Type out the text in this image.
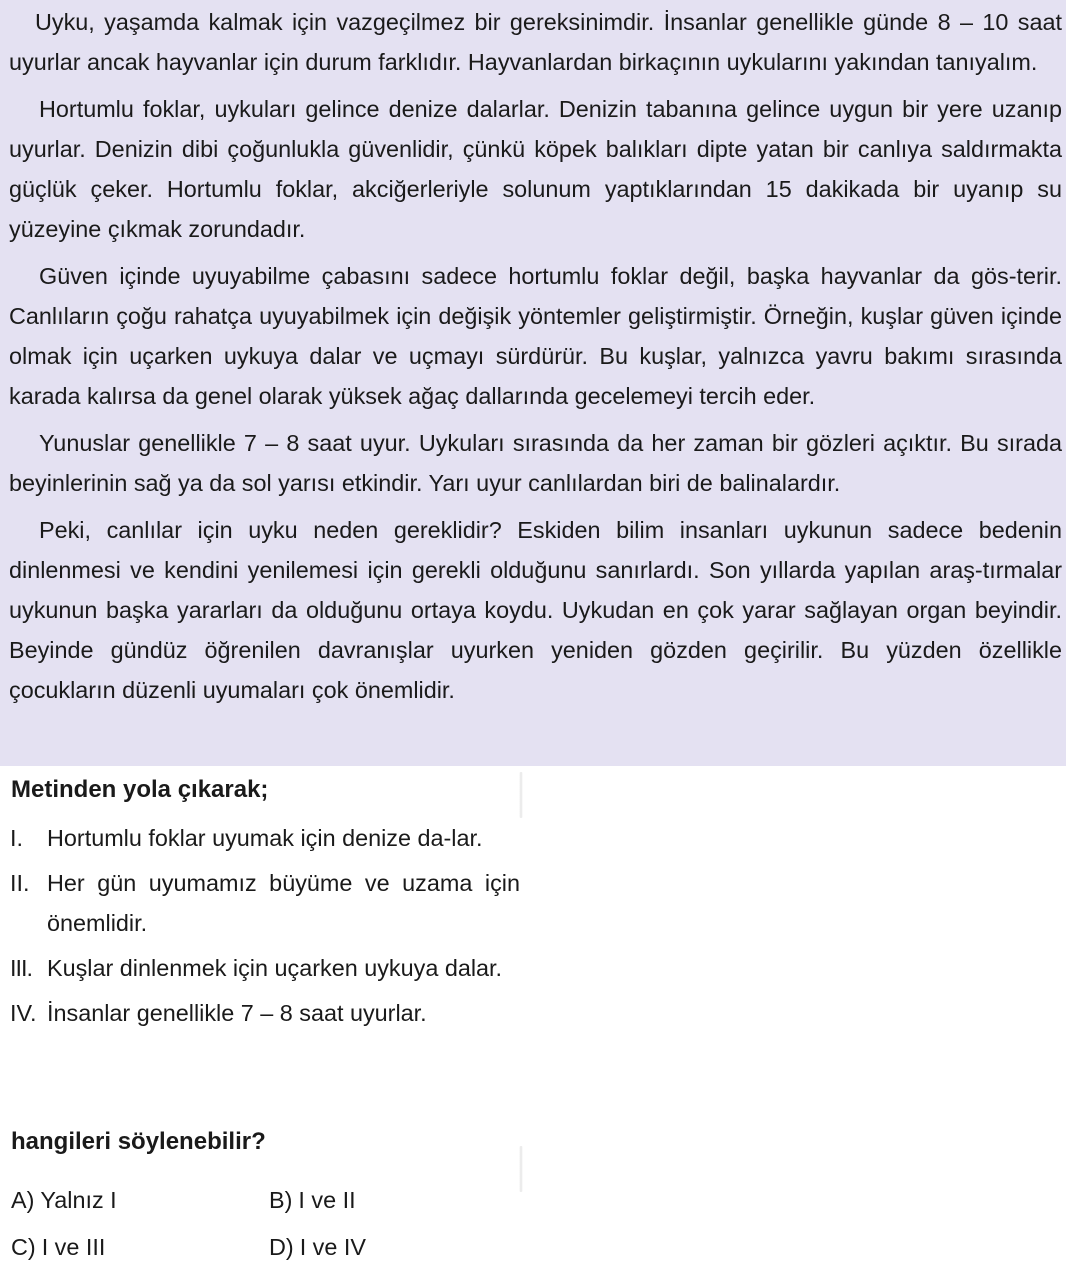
Uyku, yaşamda kalmak için vazgeçilmez bir gereksinimdir. İnsanlar genellikle günde 8 – 10 saat uyurlar ancak hayvanlar için durum farklıdır. Hayvanlardan birkaçının uykularını yakından tanıyalım.

Hortumlu foklar, uykuları gelince denize dalarlar. Denizin tabanına gelince uygun bir yere uzanıp uyurlar. Denizin dibi çoğunlukla güvenlidir, çünkü köpek balıkları dipte yatan bir canlıya saldırmakta güçlük çeker. Hortumlu foklar, akciğerleriyle solunum yaptıklarından 15 dakikada bir uyanıp su yüzeyine çıkmak zorundadır.

Güven içinde uyuyabilme çabasını sadece hortumlu foklar değil, başka hayvanlar da gös-terir. Canlıların çoğu rahatça uyuyabilmek için değişik yöntemler geliştirmiştir. Örneğin, kuşlar güven içinde olmak için uçarken uykuya dalar ve uçmayı sürdürür. Bu kuşlar, yalnızca yavru bakımı sırasında karada kalırsa da genel olarak yüksek ağaç dallarında gecelemeyi tercih eder.

Yunuslar genellikle 7 – 8 saat uyur. Uykuları sırasında da her zaman bir gözleri açıktır. Bu sırada beyinlerinin sağ ya da sol yarısı etkindir. Yarı uyur canlılardan biri de balinalardır.

Peki, canlılar için uyku neden gereklidir? Eskiden bilim insanları uykunun sadece bedenin dinlenmesi ve kendini yenilemesi için gerekli olduğunu sanırlardı. Son yıllarda yapılan araş-tırmalar uykunun başka yararları da olduğunu ortaya koydu. Uykudan en çok yarar sağlayan organ beyindir. Beyinde gündüz öğrenilen davranışlar uyurken yeniden gözden geçirilir. Bu yüzden özellikle çocukların düzenli uyumaları çok önemlidir.

Metinden yola çıkarak;

I. Hortumlu foklar uyumak için denize da-lar.
II. Her gün uyumamız büyüme ve uzama için önemlidir.
III. Kuşlar dinlenmek için uçarken uykuya dalar.
IV. İnsanlar genellikle 7 – 8 saat uyurlar.

hangileri söylenebilir?

A) Yalnız I	B) I ve II
C) I ve III	D) I ve IV
